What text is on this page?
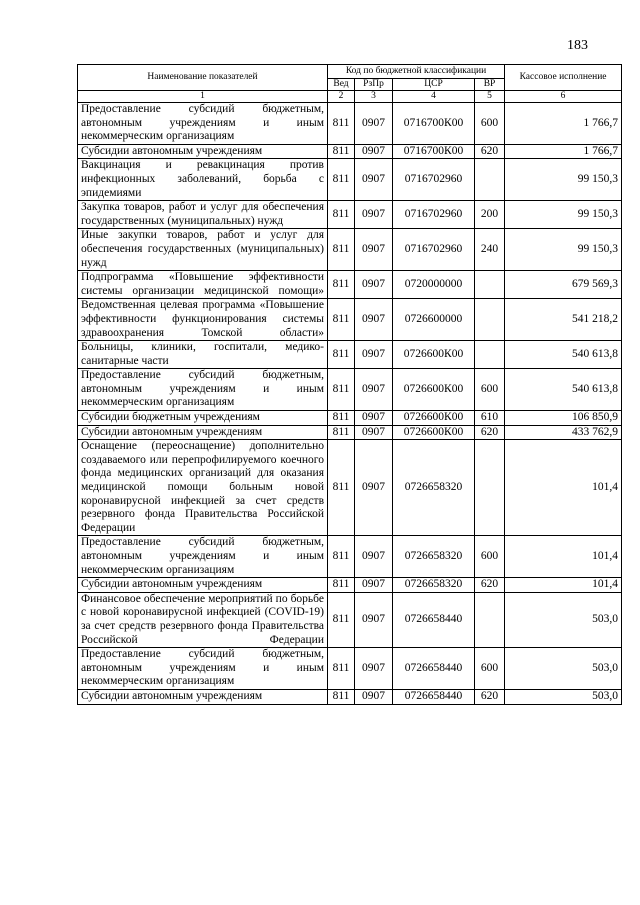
183
Наименование показателей	Код по бюджетной классификации				Кассовое исполнение
	Вед	РзПр	ЦСР	ВР	
1	2	3	4	5	6
Предоставление субсидий бюджетным, автономным учреждениям и иным некоммерческим организациям	811	0907	0716700К00	600	1 766,7
Субсидии автономным учреждениям	811	0907	0716700К00	620	1 766,7
Вакцинация и ревакцинация против инфекционных заболеваний, борьба с эпидемиями	811	0907	0716702960		99 150,3
Закупка товаров, работ и услуг для обеспечения государственных (муниципальных) нужд	811	0907	0716702960	200	99 150,3
Иные закупки товаров, работ и услуг для обеспечения государственных (муниципальных) нужд	811	0907	0716702960	240	99 150,3
Подпрограмма «Повышение эффективности системы организации медицинской помощи»	811	0907	0720000000		679 569,3
Ведомственная целевая программа «Повышение эффективности функционирования системы здравоохранения Томской области»	811	0907	0726600000		541 218,2
Больницы, клиники, госпитали, медико-санитарные части	811	0907	0726600К00		540 613,8
Предоставление субсидий бюджетным, автономным учреждениям и иным некоммерческим организациям	811	0907	0726600К00	600	540 613,8
Субсидии бюджетным учреждениям	811	0907	0726600К00	610	106 850,9
Субсидии автономным учреждениям	811	0907	0726600К00	620	433 762,9
Оснащение (переоснащение) дополнительно создаваемого или перепрофилируемого коечного фонда медицинских организаций для оказания медицинской помощи больным новой коронавирусной инфекцией за счет средств резервного фонда Правительства Российской Федерации	811	0907	0726658320		101,4
Предоставление субсидий бюджетным, автономным учреждениям и иным некоммерческим организациям	811	0907	0726658320	600	101,4
Субсидии автономным учреждениям	811	0907	0726658320	620	101,4
Финансовое обеспечение мероприятий по борьбе с новой коронавирусной инфекцией (COVID-19) за счет средств резервного фонда Правительства Российской Федерации	811	0907	0726658440		503,0
Предоставление субсидий бюджетным, автономным учреждениям и иным некоммерческим организациям	811	0907	0726658440	600	503,0
Субсидии автономным учреждениям	811	0907	0726658440	620	503,0
